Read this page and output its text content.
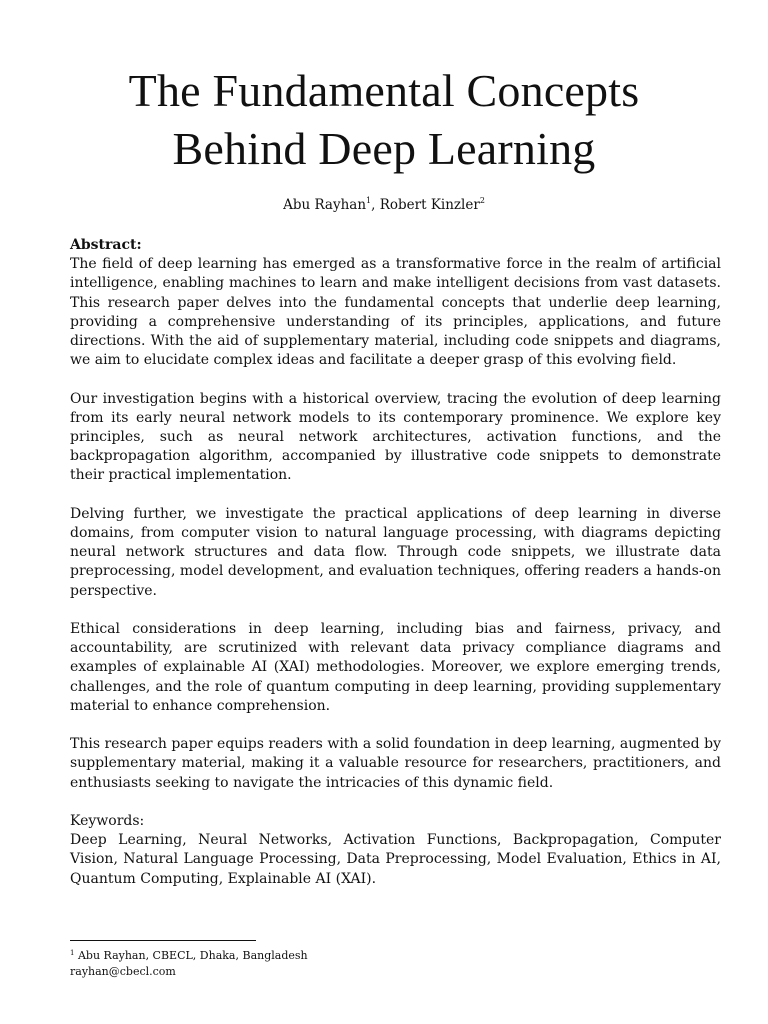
The Fundamental Concepts
Behind Deep Learning
Abu Rayhan$^1$, Robert Kinzler$^2$

Abstract:

The field of deep learning has emerged as a transformative force in the realm of artificial intelligence, enabling machines to learn and make intelligent decisions from vast datasets. This research paper delves into the fundamental concepts that underlie deep learning, providing a comprehensive understanding of its principles, applications, and future directions. With the aid of supplementary material, including code snippets and diagrams, we aim to elucidate complex ideas and facilitate a deeper grasp of this evolving field.

Our investigation begins with a historical overview, tracing the evolution of deep learning from its early neural network models to its contemporary prominence. We explore key principles, such as neural network architectures, activation functions, and the backpropagation algorithm, accompanied by illustrative code snippets to demonstrate their practical implementation.

Delving further, we investigate the practical applications of deep learning in diverse domains, from computer vision to natural language processing, with diagrams depicting neural network structures and data flow. Through code snippets, we illustrate data preprocessing, model development, and evaluation techniques, offering readers a hands-on perspective.

Ethical considerations in deep learning, including bias and fairness, privacy, and accountability, are scrutinized with relevant data privacy compliance diagrams and examples of explainable AI (XAI) methodologies. Moreover, we explore emerging trends, challenges, and the role of quantum computing in deep learning, providing supplementary material to enhance comprehension.

This research paper equips readers with a solid foundation in deep learning, augmented by supplementary material, making it a valuable resource for researchers, practitioners, and enthusiasts seeking to navigate the intricacies of this dynamic field.

Keywords:

Deep Learning, Neural Networks, Activation Functions, Backpropagation, Computer Vision, Natural Language Processing, Data Preprocessing, Model Evaluation, Ethics in AI, Quantum Computing, Explainable AI (XAI).

$^1$ Abu Rayhan, CBECL, Dhaka, Bangladesh
rayhan@cbecl.com
